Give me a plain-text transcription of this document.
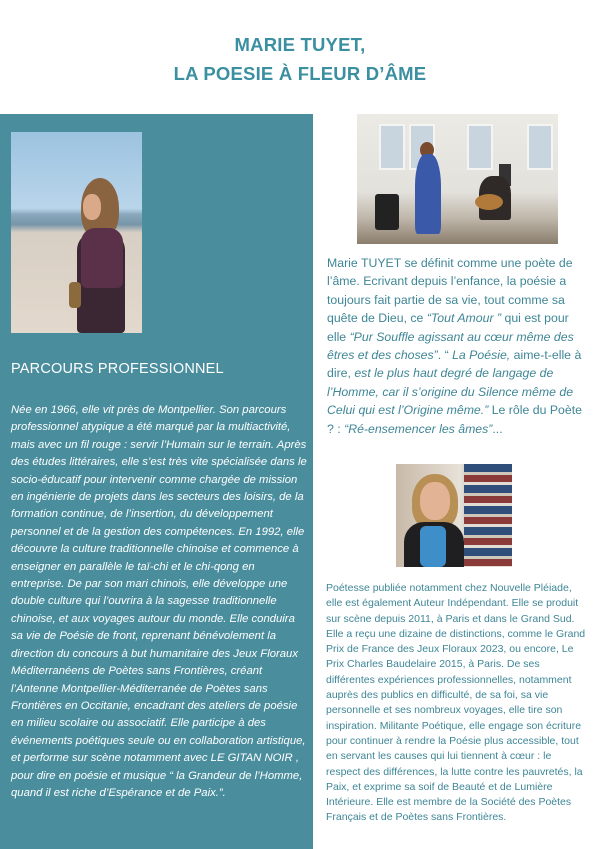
MARIE TUYET,
LA POESIE À FLEUR D’ÂME
PARCOURS PROFESSIONNEL
Née en 1966, elle vit près de Montpellier. Son parcours professionnel atypique a été marqué par la multiactivité, mais avec un fil rouge : servir l’Humain sur le terrain. Après des études littéraires, elle s’est très vite spécialisée dans le socio-éducatif pour intervenir comme chargée de mission en ingénierie de projets dans les secteurs des loisirs, de la formation continue, de l’insertion, du développement personnel et de la gestion des compétences. En 1992, elle découvre la culture traditionnelle chinoise et commence à enseigner en parallèle le taï-chi et le chi-qong en entreprise. De par son mari chinois, elle développe une double culture qui l’ouvrira à la sagesse traditionnelle chinoise, et aux voyages autour du monde. Elle conduira sa vie de Poésie de front, reprenant bénévolement la direction du concours à but humanitaire des Jeux Floraux Méditerranéens de Poètes sans Frontières, créant l’Antenne Montpellier-Méditerranée de Poètes sans Frontières en Occitanie, encadrant des ateliers de poésie en milieu scolaire ou associatif. Elle participe à des événements poétiques seule ou en collaboration artistique, et performe sur scène notamment avec LE GITAN NOIR , pour dire en poésie et musique “ la Grandeur de l’Homme, quand il est riche d’Espérance et de Paix.”.
Marie TUYET se définit comme une poète de l’âme. Ecrivant depuis l’enfance, la poésie a toujours fait partie de sa vie, tout comme sa quête de Dieu, ce “Tout Amour ” qui est pour elle “Pur Souffle agissant au cœur même des êtres et des choses”. “ La Poésie, aime-t-elle à dire, est le plus haut degré de langage de l’Homme, car il s’origine du Silence même de Celui qui est l’Origine même.” Le rôle du Poète ? : “Ré-ensemencer les âmes”...
Poétesse publiée notamment chez Nouvelle Pléiade, elle est également Auteur Indépendant. Elle se produit sur scène depuis 2011, à Paris et dans le Grand Sud. Elle a reçu une dizaine de distinctions, comme le Grand Prix de France des Jeux Floraux 2023, ou encore, Le Prix Charles Baudelaire 2015, à Paris. De ses différentes expériences professionnelles, notamment auprès des publics en difficulté, de sa foi, sa vie personnelle et ses nombreux voyages, elle tire son inspiration. Militante Poétique, elle engage son écriture pour continuer à rendre la Poésie plus accessible, tout en servant les causes qui lui tiennent à cœur : le respect des différences, la lutte contre les pauvretés, la Paix, et exprime sa soif de Beauté et de Lumière Intérieure. Elle est membre de la Société des Poètes Français et de Poètes sans Frontières.
